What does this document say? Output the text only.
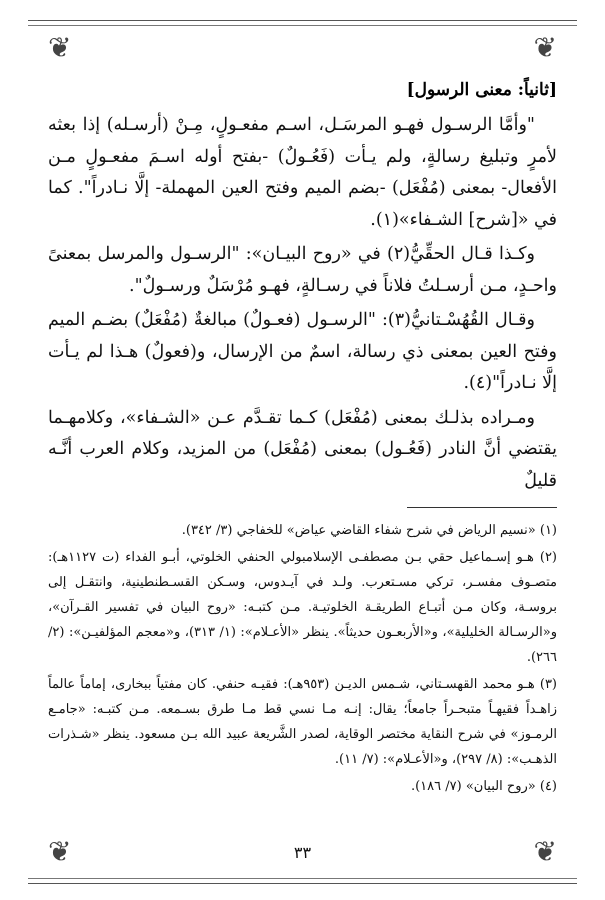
❦	❦
❦	❦
[ثانياً: معنى الرسول]

"وأمَّا الرسـول فهـو المرسَـل، اسـم مفعـولٍ، مِـنْ (أرسـله) إذا بعثه لأمرٍ وتبليغ رسالةٍ، ولم يـأت (فَعُـولٌ) -بفتح أوله اسـمَ مفعـولٍ مـن الأفعال- بمعنى (مُفْعَل) -بضم الميم وفتح العين المهملة- إلَّا نـادراً". كما في «[شرح] الشـفاء»(١).

وكـذا قـال الحقِّيُّ(٢) في «روح البيـان»: "الرسـول والمرسل بمعنىً واحـدٍ، مـن أرسـلتُ فلاناً في رسـالةٍ، فهـو مُرْسَلٌ ورسـولٌ".

وقـال القُهُسْـتانيُّ(٣): "الرسـول (فعـولٌ) مبالغةٌ (مُفْعَلٌ) بضـم الميم وفتح العين بمعنى ذي رسالة، اسمٌ من الإرسال، و(فعولٌ) هـذا لم يـأت إلَّا نـادراً"(٤).

ومـراده بذلـك بمعنى (مُفْعَل) كـما تقـدَّم عـن «الشـفاء»، وكلامهـما يقتضي أنَّ النادر (فَعُـول) بمعنى (مُفْعَل) من المزيد، وكلام العرب أنَّـه قليلٌ

(١) «نسيم الرياض في شرح شفاء القاضي عياض» للخفاجي (٣/ ٣٤٢).

(٢) هـو إسـماعيل حقي بـن مصطفـى الإسلامبولي الحنفي الخلوتي، أبـو الفداء (ت ١١٢٧هـ): متصـوف مفسـر، تركي مسـتعرب. ولـد في آيـدوس، وسـكن القسـطنطينية، وانتقـل إلى بروسـة، وكان مـن أتبـاع الطريقـة الخلوتيـة. مـن كتبـه: «روح البيان في تفسير القـرآن»، و«الرسـالة الخليلية»، و«الأربعـون حديثاً». ينظر «الأعـلام»: (١/ ٣١٣)، و«معجم المؤلفيـن»: (٢/ ٢٦٦).

(٣) هـو محمد القهسـتاني، شـمس الديـن (٩٥٣هـ): فقيـه حنفي. كان مفتياً ببخارى، إماماً عالماً زاهـداً فقيهـاً متبحـراً جامعاً؛ يقال: إنـه مـا نسي قط مـا طرق بسـمعه. مـن كتبـه: «جامـع الرمـوز» في شرح النقاية مختصر الوقاية، لصدر الشَّريعة عبيد الله بـن مسعود. ينظر «شـذرات الذهـب»: (٨/ ٢٩٧)، و«الأعـلام»: (٧/ ١١).

(٤) «روح البيان» (٧/ ١٨٦).

٣٣
